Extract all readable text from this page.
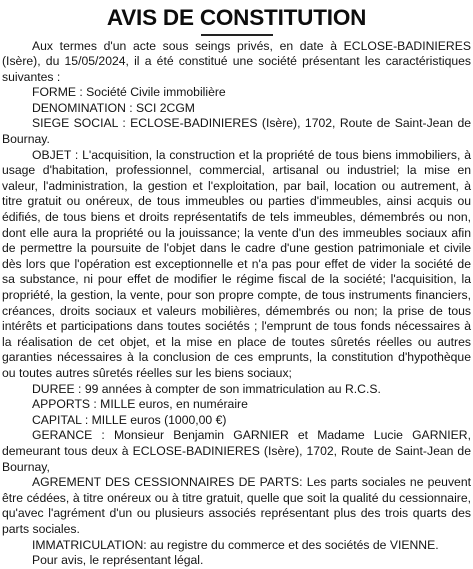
AVIS DE CONSTITUTION

Aux termes d'un acte sous seings privés, en date à ECLOSE-BADINIERES (Isère), du 15/05/2024, il a été constitué une société présentant les caractéristiques suivantes :

FORME : Société Civile immobilière

DENOMINATION : SCI 2CGM

SIEGE SOCIAL : ECLOSE-BADINIERES (Isère), 1702, Route de Saint-Jean de Bournay.

OBJET : L'acquisition, la construction et la propriété de tous biens immobiliers, à usage d'habitation, professionnel, commercial, artisanal ou industriel; la mise en valeur, l'administration, la gestion et l'exploitation, par bail, location ou autrement, à titre gratuit ou onéreux, de tous immeubles ou parties d'immeubles, ainsi acquis ou édifiés, de tous biens et droits représentatifs de tels immeubles, démembrés ou non, dont elle aura la propriété ou la jouissance; la vente d'un des immeubles sociaux afin de permettre la poursuite de l'objet dans le cadre d'une gestion patrimoniale et civile dès lors que l'opération est exceptionnelle et n'a pas pour effet de vider la société de sa substance, ni pour effet de modifier le régime fiscal de la société; l'acquisition, la propriété, la gestion, la vente, pour son propre compte, de tous instruments financiers, créances, droits sociaux et valeurs mobilières, démembrés ou non; la prise de tous intérêts et participations dans toutes sociétés ; l'emprunt de tous fonds nécessaires à la réalisation de cet objet, et la mise en place de toutes sûretés réelles ou autres garanties nécessaires à la conclusion de ces emprunts, la constitution d'hypothèque ou toutes autres sûretés réelles sur les biens sociaux;

DUREE : 99 années à compter de son immatriculation au R.C.S.

APPORTS : MILLE euros, en numéraire

CAPITAL : MILLE euros (1000,00 €)

GERANCE : Monsieur Benjamin GARNIER et Madame Lucie GARNIER, demeurant tous deux à ECLOSE-BADINIERES (Isère), 1702, Route de Saint-Jean de Bournay,

AGREMENT DES CESSIONNAIRES DE PARTS: Les parts sociales ne peuvent être cédées, à titre onéreux ou à titre gratuit, quelle que soit la qualité du cessionnaire, qu'avec l'agrément d'un ou plusieurs associés représentant plus des trois quarts des parts sociales.

IMMATRICULATION: au registre du commerce et des sociétés de VIENNE.

Pour avis, le représentant légal.
